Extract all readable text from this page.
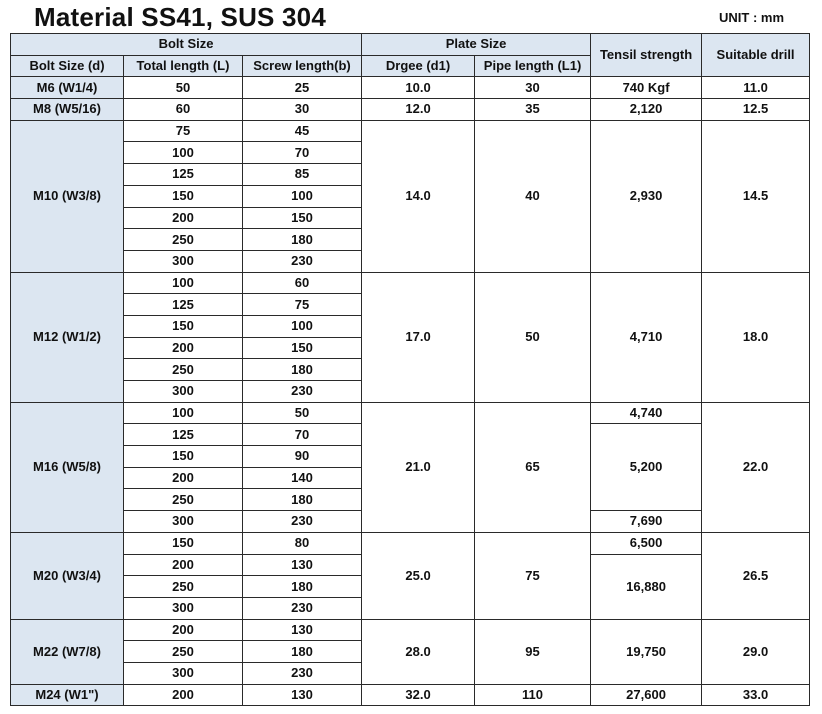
Material SS41, SUS 304	UNIT : mm
Bolt Size			Plate Size		Tensil strength	Suitable drill
Bolt Size (d)	Total length (L)	Screw length(b)	Drgee (d1)	Pipe length (L1)		
M6 (W1/4)	50	25	10.0	30	740 Kgf	11.0
M8 (W5/16)	60	30	12.0	35	2,120	12.5
M10 (W3/8)	75	45	14.0	40	2,930	14.5
	100	70				
	125	85				
	150	100				
	200	150				
	250	180				
	300	230				
M12 (W1/2)	100	60	17.0	50	4,710	18.0
	125	75				
	150	100				
	200	150				
	250	180				
	300	230				
M16 (W5/8)	100	50	21.0	65	4,740	22.0
	125	70			5,200	
	150	90				
	200	140				
	250	180				
	300	230			7,690	
M20 (W3/4)	150	80	25.0	75	6,500	26.5
	200	130			16,880	
	250	180				
	300	230				
M22 (W7/8)	200	130	28.0	95	19,750	29.0
	250	180				
	300	230				
M24 (W1")	200	130	32.0	110	27,600	33.0
